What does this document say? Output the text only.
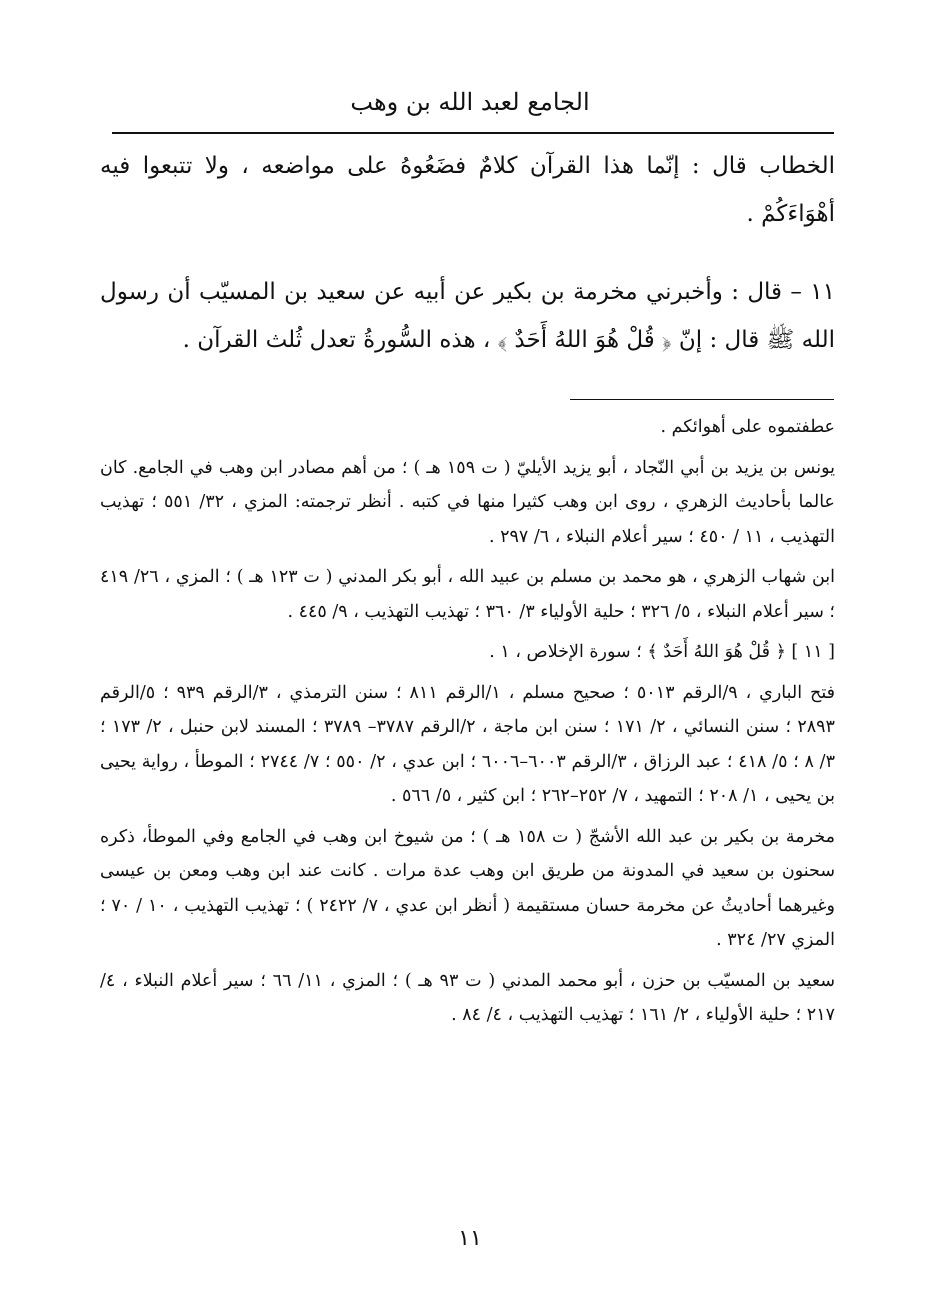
الجامع لعبد الله بن وهب

الخطاب قال : إنّما هذا القرآن كلامٌ فضَعُوهُ على مواضعه ، ولا تتبعوا فيه أهْوَاءَكُمْ .

١١ – قال : وأخبرني مخرمة بن بكير عن أبيه عن سعيد بن المسيّب أن رسول الله ﷺ قال : إنّ ﴿ قُلْ هُوَ اللهُ أَحَدٌ ﴾ ، هذه السُّورةُ تعدل ثُلث القرآن .

عطفتموه على أهوائكم .

يونس بن يزيد بن أبي النّجاد ، أبو يزيد الأيليّ ( ت ١٥٩ هـ ) ؛ من أهم مصادر ابن وهب في الجامع. كان عالما بأحاديث الزهري ، روى ابن وهب كثيرا منها في كتبه . أنظر ترجمته: المزي ، ٣٢/ ٥٥١ ؛ تهذيب التهذيب ، ١١ / ٤٥٠ ؛ سير أعلام النبلاء ، ٦/ ٢٩٧ .

ابن شهاب الزهري ، هو محمد بن مسلم بن عبيد الله ، أبو بكر المدني ( ت ١٢٣ هـ ) ؛ المزي ، ٢٦/ ٤١٩ ؛ سير أعلام النبلاء ، ٥/ ٣٢٦ ؛ حلية الأولياء ٣/ ٣٦٠ ؛ تهذيب التهذيب ، ٩/ ٤٤٥ .

[ ١١ ] ﴿ قُلْ هُوَ اللهُ أَحَدٌ ﴾ ؛ سورة الإخلاص ، ١ .

فتح الباري ، ٩/الرقم ٥٠١٣ ؛ صحيح مسلم ، ١/الرقم ٨١١ ؛ سنن الترمذي ، ٣/الرقم ٩٣٩ ؛ ٥/الرقم ٢٨٩٣ ؛ سنن النسائي ، ٢/ ١٧١ ؛ سنن ابن ماجة ، ٢/الرقم ٣٧٨٧– ٣٧٨٩ ؛ المسند لابن حنبل ، ٢/ ١٧٣ ؛ ٣/ ٨ ؛ ٥/ ٤١٨ ؛ عبد الرزاق ، ٣/الرقم ٦٠٠٣–٦٠٠٦ ؛ ابن عدي ، ٢/ ٥٥٠ ؛ ٧/ ٢٧٤٤ ؛ الموطأ ، رواية يحيى بن يحيى ، ١/ ٢٠٨ ؛ التمهيد ، ٧/ ٢٥٢–٢٦٢ ؛ ابن كثير ، ٥/ ٥٦٦ .

مخرمة بن بكير بن عبد الله الأشجّ ( ت ١٥٨ هـ ) ؛ من شيوخ ابن وهب في الجامع وفي الموطأ، ذكره سحنون بن سعيد في المدونة من طريق ابن وهب عدة مرات . كانت عند ابن وهب ومعن بن عيسى وغيرهما أحاديثُ عن مخرمة حسان مستقيمة ( أنظر ابن عدي ، ٧/ ٢٤٢٢ ) ؛ تهذيب التهذيب ، ١٠ / ٧٠ ؛ المزي ٢٧/ ٣٢٤ .

سعيد بن المسيّب بن حزن ، أبو محمد المدني ( ت ٩٣ هـ ) ؛ المزي ، ١١/ ٦٦ ؛ سير أعلام النبلاء ، ٤/ ٢١٧ ؛ حلية الأولياء ، ٢/ ١٦١ ؛ تهذيب التهذيب ، ٤/ ٨٤ .

١١
